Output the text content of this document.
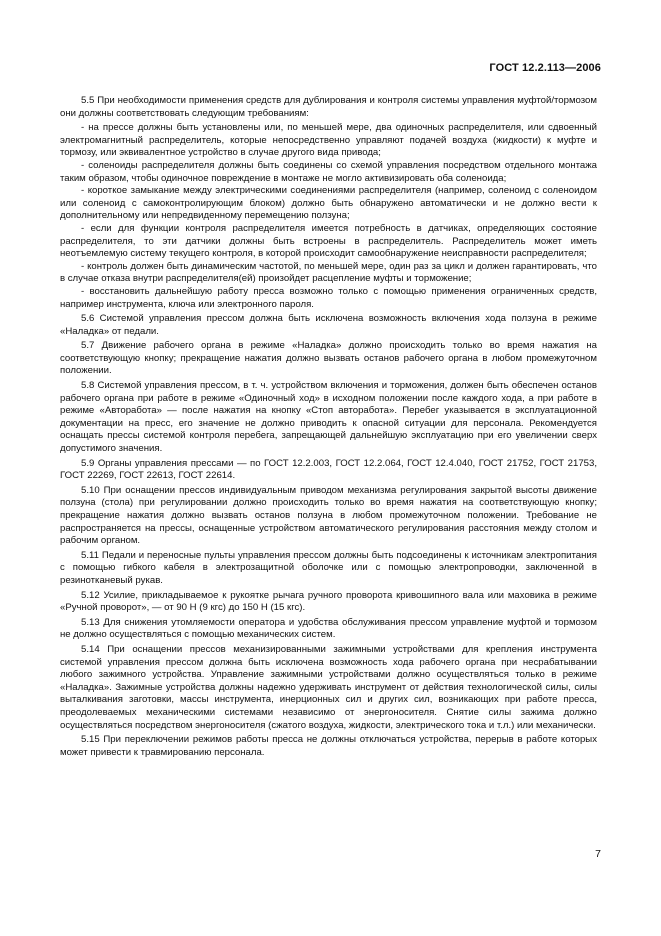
ГОСТ 12.2.113—2006

5.5 При необходимости применения средств для дублирования и контроля системы управления муфтой/тормозом они должны соответствовать следующим требованиям:

- на прессе должны быть установлены или, по меньшей мере, два одиночных распределителя, или сдвоенный электромагнитный распределитель, которые непосредственно управляют подачей воздуха (жидкости) к муфте и тормозу, или эквивалентное устройство в случае другого вида привода;

- соленоиды распределителя должны быть соединены со схемой управления посредством отдельного монтажа таким образом, чтобы одиночное повреждение в монтаже не могло активизировать оба соленоида;

- короткое замыкание между электрическими соединениями распределителя (например, соленоид с соленоидом или соленоид с самоконтролирующим блоком) должно быть обнаружено автоматически и не должно вести к дополнительному или непредвиденному перемещению ползуна;

- если для функции контроля распределителя имеется потребность в датчиках, определяющих состояние распределителя, то эти датчики должны быть встроены в распределитель. Распределитель может иметь неотъемлемую систему текущего контроля, в которой происходит самообнаружение неисправности распределителя;

- контроль должен быть динамическим частотой, по меньшей мере, один раз за цикл и должен гарантировать, что в случае отказа внутри распределителя(ей) произойдет расцепление муфты и торможение;

- восстановить дальнейшую работу пресса возможно только с помощью применения ограниченных средств, например инструмента, ключа или электронного пароля.

5.6 Системой управления прессом должна быть исключена возможность включения хода ползуна в режиме «Наладка» от педали.

5.7 Движение рабочего органа в режиме «Наладка» должно происходить только во время нажатия на соответствующую кнопку; прекращение нажатия должно вызвать останов рабочего органа в любом промежуточном положении.

5.8 Системой управления прессом, в т. ч. устройством включения и торможения, должен быть обеспечен останов рабочего органа при работе в режиме «Одиночный ход» в исходном положении после каждого хода, а при работе в режиме «Авторабота» — после нажатия на кнопку «Стоп авторабота». Перебег указывается в эксплуатационной документации на пресс, его значение не должно приводить к опасной ситуации для персонала. Рекомендуется оснащать прессы системой контроля перебега, запрещающей дальнейшую эксплуатацию при его увеличении сверх допустимого значения.

5.9 Органы управления прессами — по ГОСТ 12.2.003, ГОСТ 12.2.064, ГОСТ 12.4.040, ГОСТ 21752, ГОСТ 21753, ГОСТ 22269, ГОСТ 22613, ГОСТ 22614.

5.10 При оснащении прессов индивидуальным приводом механизма регулирования закрытой высоты движение ползуна (стола) при регулировании должно происходить только во время нажатия на соответствующую кнопку; прекращение нажатия должно вызвать останов ползуна в любом промежуточном положении. Требование не распространяется на прессы, оснащенные устройством автоматического регулирования расстояния между столом и рабочим органом.

5.11 Педали и переносные пульты управления прессом должны быть подсоединены к источникам электропитания с помощью гибкого кабеля в электрозащитной оболочке или с помощью электропроводки, заключенной в резинотканевый рукав.

5.12 Усилие, прикладываемое к рукоятке рычага ручного проворота кривошипного вала или маховика в режиме «Ручной проворот», — от 90 Н (9 кгс) до 150 Н (15 кгс).

5.13 Для снижения утомляемости оператора и удобства обслуживания прессом управление муфтой и тормозом не должно осуществляться с помощью механических систем.

5.14 При оснащении прессов механизированными зажимными устройствами для крепления инструмента системой управления прессом должна быть исключена возможность хода рабочего органа при несрабатывании любого зажимного устройства. Управление зажимными устройствами должно осуществляться только в режиме «Наладка». Зажимные устройства должны надежно удерживать инструмент от действия технологической силы, силы выталкивания заготовки, массы инструмента, инерционных сил и других сил, возникающих при работе пресса, преодолеваемых механическими системами независимо от энергоносителя. Снятие силы зажима должно осуществляться посредством энергоносителя (сжатого воздуха, жидкости, электрического тока и т.л.) или механически.

5.15 При переключении режимов работы пресса не должны отключаться устройства, перерыв в работе которых может привести к травмированию персонала.

7
